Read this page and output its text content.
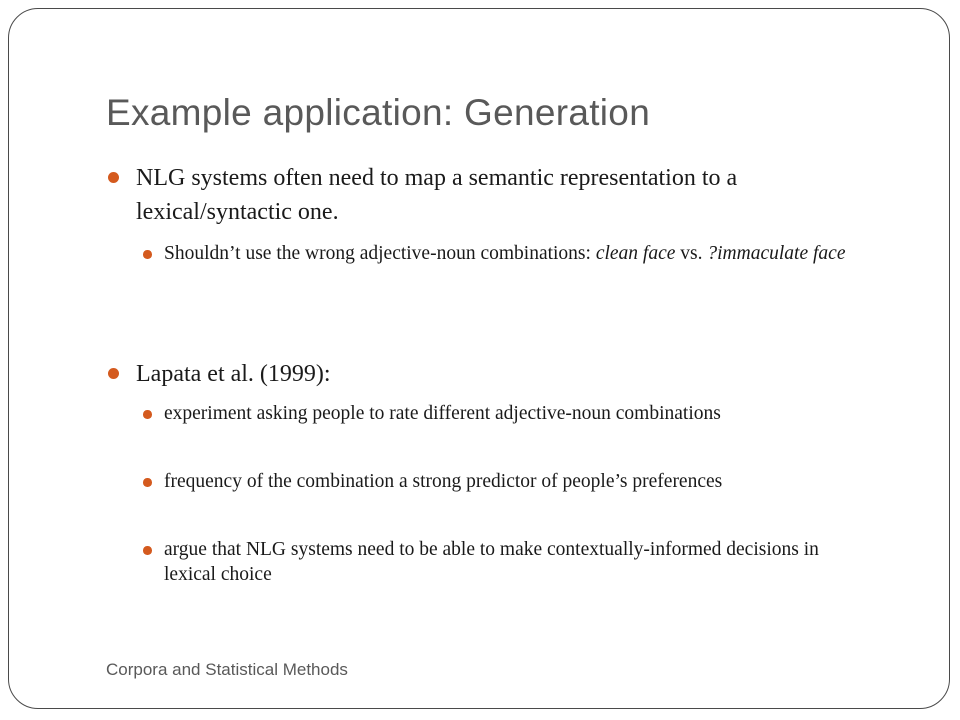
Example application: Generation
NLG systems often need to map a semantic representation to a lexical/syntactic one.
Shouldn’t use the wrong adjective-noun combinations: clean face vs. ?immaculate face
Lapata et al. (1999):
experiment asking people to rate different adjective-noun combinations
frequency of the combination a strong predictor of people’s preferences
argue that NLG systems need to be able to make contextually-informed decisions in lexical choice
Corpora and Statistical Methods
